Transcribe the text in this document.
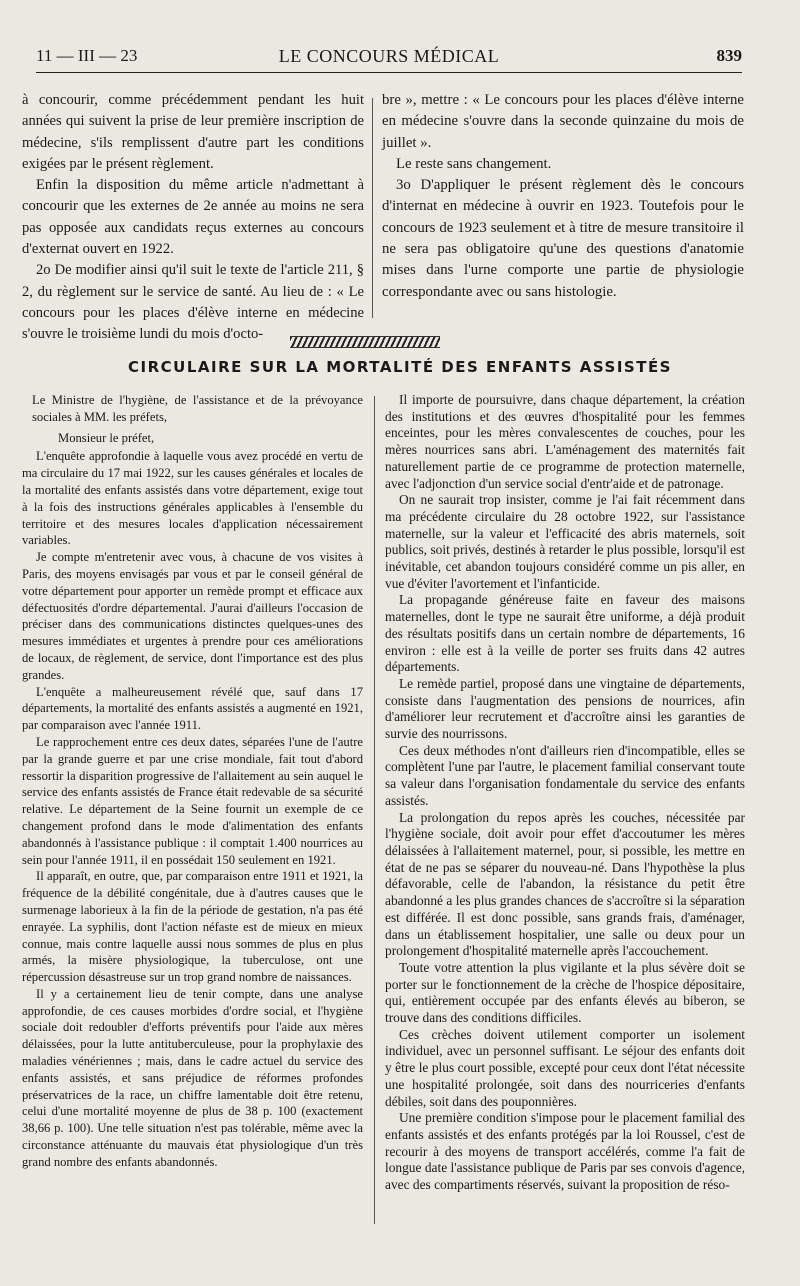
11 — III — 23	LE CONCOURS MÉDICAL	839

à concourir, comme précédemment pendant les huit années qui suivent la prise de leur première inscription de médecine, s'ils remplissent d'autre part les conditions exigées par le présent règlement.

Enfin la disposition du même article n'admettant à concourir que les externes de 2e année au moins ne sera pas opposée aux candidats reçus externes au concours d'externat ouvert en 1922.

2o De modifier ainsi qu'il suit le texte de l'article 211, § 2, du règlement sur le service de santé. Au lieu de : « Le concours pour les places d'élève interne en médecine s'ouvre le troisième lundi du mois d'octo-

bre », mettre : « Le concours pour les places d'élève interne en médecine s'ouvre dans la seconde quinzaine du mois de juillet ».

Le reste sans changement.

3o D'appliquer le présent règlement dès le concours d'internat en médecine à ouvrir en 1923. Toutefois pour le concours de 1923 seulement et à titre de mesure transitoire il ne sera pas obligatoire qu'une des questions d'anatomie mises dans l'urne comporte une partie de physiologie correspondante avec ou sans histologie.

CIRCULAIRE SUR LA MORTALITÉ DES ENFANTS ASSISTÉS

Le Ministre de l'hygiène, de l'assistance et de la prévoyance sociales à MM. les préfets,

Monsieur le préfet,

L'enquête approfondie à laquelle vous avez procédé en vertu de ma circulaire du 17 mai 1922, sur les causes générales et locales de la mortalité des enfants assistés dans votre département, exige tout à la fois des instructions générales applicables à l'ensemble du territoire et des mesures locales d'application nécessairement variables.

Je compte m'entretenir avec vous, à chacune de vos visites à Paris, des moyens envisagés par vous et par le conseil général de votre département pour apporter un remède prompt et efficace aux défectuosités d'ordre départemental. J'aurai d'ailleurs l'occasion de préciser dans des communications distinctes quelques-unes des mesures immédiates et urgentes à prendre pour ces améliorations de locaux, de règlement, de service, dont l'importance est des plus grandes.

L'enquête a malheureusement révélé que, sauf dans 17 départements, la mortalité des enfants assistés a augmenté en 1921, par comparaison avec l'année 1911.

Le rapprochement entre ces deux dates, séparées l'une de l'autre par la grande guerre et par une crise mondiale, fait tout d'abord ressortir la disparition progressive de l'allaitement au sein auquel le service des enfants assistés de France était redevable de sa sécurité relative. Le département de la Seine fournit un exemple de ce changement profond dans le mode d'alimentation des enfants abandonnés à l'assistance publique : il comptait 1.400 nourrices au sein pour l'année 1911, il en possédait 150 seulement en 1921.

Il apparaît, en outre, que, par comparaison entre 1911 et 1921, la fréquence de la débilité congénitale, due à d'autres causes que le surmenage laborieux à la fin de la période de gestation, n'a pas été enrayée. La syphilis, dont l'action néfaste est de mieux en mieux connue, mais contre laquelle aussi nous sommes de plus en plus armés, la misère physiologique, la tuberculose, ont une répercussion désastreuse sur un trop grand nombre de naissances.

Il y a certainement lieu de tenir compte, dans une analyse approfondie, de ces causes morbides d'ordre social, et l'hygiène sociale doit redoubler d'efforts préventifs pour l'aide aux mères délaissées, pour la lutte antituberculeuse, pour la prophylaxie des maladies vénériennes ; mais, dans le cadre actuel du service des enfants assistés, et sans préjudice de réformes profondes préservatrices de la race, un chiffre lamentable doit être retenu, celui d'une mortalité moyenne de plus de 38 p. 100 (exactement 38,66 p. 100). Une telle situation n'est pas tolérable, même avec la circonstance atténuante du mauvais état physiologique d'un très grand nombre des enfants abandonnés.

Il importe de poursuivre, dans chaque département, la création des institutions et des œuvres d'hospitalité pour les femmes enceintes, pour les mères convalescentes de couches, pour les mères nourrices sans abri. L'aménagement des maternités fait naturellement partie de ce programme de protection maternelle, avec l'adjonction d'un service social d'entr'aide et de patronage.

On ne saurait trop insister, comme je l'ai fait récemment dans ma précédente circulaire du 28 octobre 1922, sur l'assistance maternelle, sur la valeur et l'efficacité des abris maternels, soit publics, soit privés, destinés à retarder le plus possible, lorsqu'il est inévitable, cet abandon toujours considéré comme un pis aller, en vue d'éviter l'avortement et l'infanticide.

La propagande généreuse faite en faveur des maisons maternelles, dont le type ne saurait être uniforme, a déjà produit des résultats positifs dans un certain nombre de départements, 16 environ : elle est à la veille de porter ses fruits dans 42 autres départements.

Le remède partiel, proposé dans une vingtaine de départements, consiste dans l'augmentation des pensions de nourrices, afin d'améliorer leur recrutement et d'accroître ainsi les garanties de survie des nourrissons.

Ces deux méthodes n'ont d'ailleurs rien d'incompatible, elles se complètent l'une par l'autre, le placement familial conservant toute sa valeur dans l'organisation fondamentale du service des enfants assistés.

La prolongation du repos après les couches, nécessitée par l'hygiène sociale, doit avoir pour effet d'accoutumer les mères délaissées à l'allaitement maternel, pour, si possible, les mettre en état de ne pas se séparer du nouveau-né. Dans l'hypothèse la plus défavorable, celle de l'abandon, la résistance du petit être abandonné a les plus grandes chances de s'accroître si la séparation est différée. Il est donc possible, sans grands frais, d'aménager, dans un établissement hospitalier, une salle ou deux pour un prolongement d'hospitalité maternelle après l'accouchement.

Toute votre attention la plus vigilante et la plus sévère doit se porter sur le fonctionnement de la crèche de l'hospice dépositaire, qui, entièrement occupée par des enfants élevés au biberon, se trouve dans des conditions difficiles.

Ces crèches doivent utilement comporter un isolement individuel, avec un personnel suffisant. Le séjour des enfants doit y être le plus court possible, excepté pour ceux dont l'état nécessite une hospitalité prolongée, soit dans des nourriceries d'enfants débiles, soit dans des pouponnières.

Une première condition s'impose pour le placement familial des enfants assistés et des enfants protégés par la loi Roussel, c'est de recourir à des moyens de transport accélérés, comme l'a fait de longue date l'assistance publique de Paris par ses convois d'agence, avec des compartiments réservés, suivant la proposition de réso-
